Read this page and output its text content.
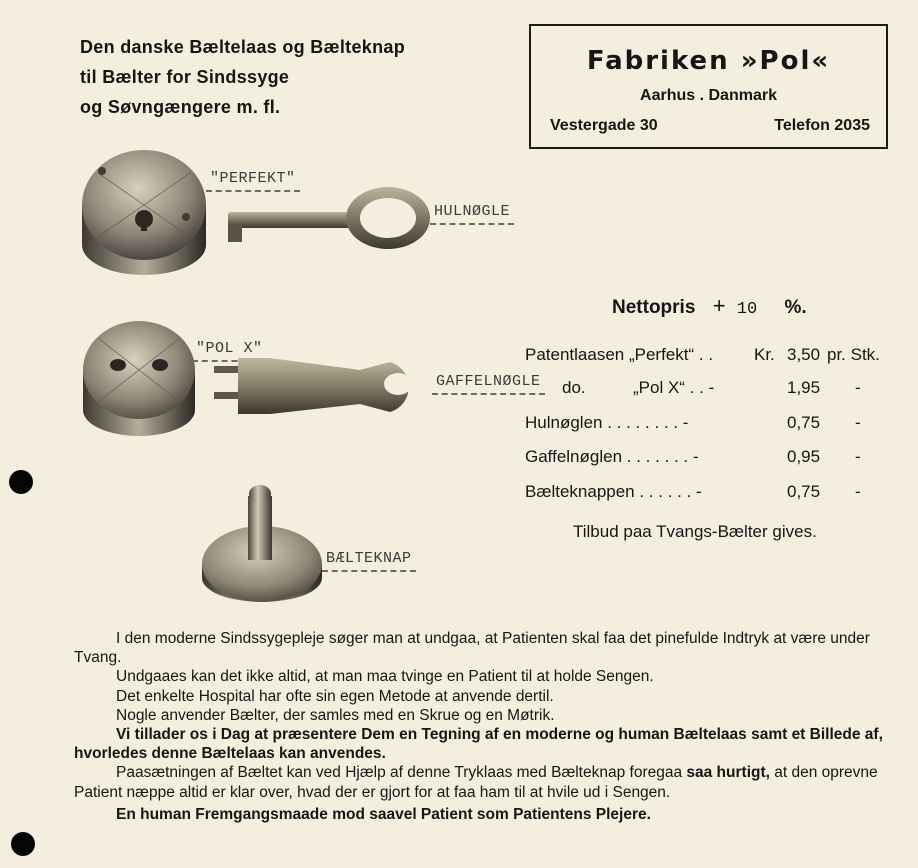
Den danske Bæltelaas og Bælteknap
til Bælter for Sindssyge
og Søvngængere m. fl.
Fabriken »Pol«
Aarhus . Danmark
Vestergade 30	Telefon 2035
"PERFEKT"
HULNØGLE
"POL X"
GAFFELNØGLE
BÆLTEKNAP
Nettopris + 10 %.
Patentlaasen „Perfekt“ . . Kr. 3,50 pr. Stk.
do.	„Pol X“ . . -	1,95 -
Hulnøglen . . . . . . . . -	0,75 -
Gaffelnøglen . . . . . . . -	0,95 -
Bælteknappen . . . . . . -	0,75 -
Tilbud paa Tvangs-Bælter gives.

I den moderne Sindssygepleje søger man at undgaa, at Patienten skal faa det pinefulde Indtryk at være under Tvang.

Undgaaes kan det ikke altid, at man maa tvinge en Patient til at holde Sengen.

Det enkelte Hospital har ofte sin egen Metode at anvende dertil.

Nogle anvender Bælter, der samles med en Skrue og en Møtrik.

Vi tillader os i Dag at præsentere Dem en Tegning af en moderne og human Bæltelaas samt et Billede af, hvorledes denne Bæltelaas kan anvendes.

Paasætningen af Bæltet kan ved Hjælp af denne Tryklaas med Bælteknap foregaa saa hurtigt, at den oprevne Patient næppe altid er klar over, hvad der er gjort for at faa ham til at hvile ud i Sengen.

En human Fremgangsmaade mod saavel Patient som Patientens Plejere.
